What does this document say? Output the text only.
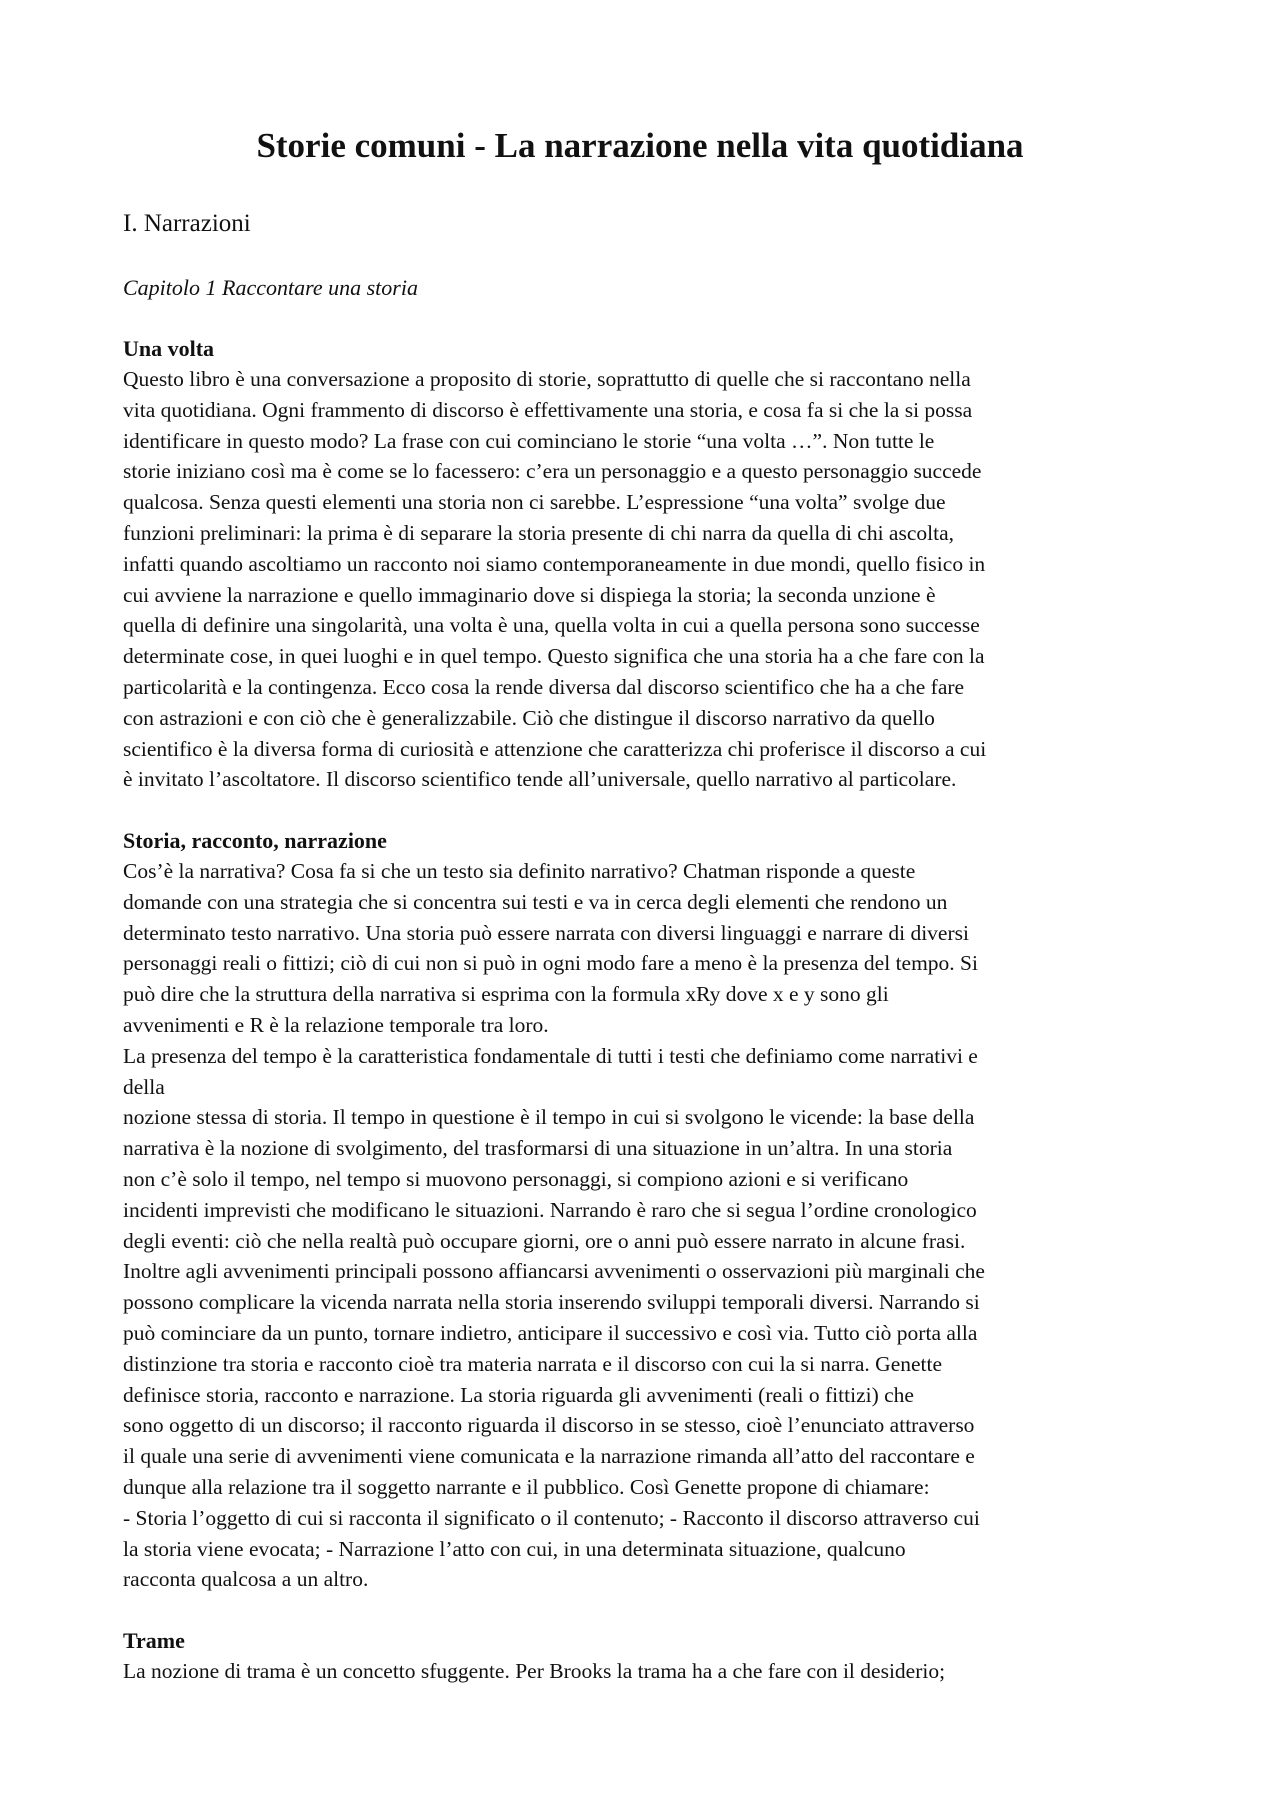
Storie comuni - La narrazione nella vita quotidiana
I. Narrazioni
Capitolo 1 Raccontare una storia
Una volta

Questo libro è una conversazione a proposito di storie, soprattutto di quelle che si raccontano nella
vita quotidiana. Ogni frammento di discorso è effettivamente una storia, e cosa fa si che la si possa
identificare in questo modo? La frase con cui cominciano le storie “una volta …”. Non tutte le
storie iniziano così ma è come se lo facessero: c’era un personaggio e a questo personaggio succede
qualcosa. Senza questi elementi una storia non ci sarebbe. L’espressione “una volta” svolge due
funzioni preliminari: la prima è di separare la storia presente di chi narra da quella di chi ascolta,
infatti quando ascoltiamo un racconto noi siamo contemporaneamente in due mondi, quello fisico in
cui avviene la narrazione e quello immaginario dove si dispiega la storia; la seconda unzione è
quella di definire una singolarità, una volta è una, quella volta in cui a quella persona sono successe
determinate cose, in quei luoghi e in quel tempo. Questo significa che una storia ha a che fare con la
particolarità e la contingenza. Ecco cosa la rende diversa dal discorso scientifico che ha a che fare
con astrazioni e con ciò che è generalizzabile. Ciò che distingue il discorso narrativo da quello
scientifico è la diversa forma di curiosità e attenzione che caratterizza chi proferisce il discorso a cui
è invitato l’ascoltatore. Il discorso scientifico tende all’universale, quello narrativo al particolare.

Storia, racconto, narrazione

Cos’è la narrativa? Cosa fa si che un testo sia definito narrativo? Chatman risponde a queste
domande con una strategia che si concentra sui testi e va in cerca degli elementi che rendono un
determinato testo narrativo. Una storia può essere narrata con diversi linguaggi e narrare di diversi
personaggi reali o fittizi; ciò di cui non si può in ogni modo fare a meno è la presenza del tempo. Si
può dire che la struttura della narrativa si esprima con la formula xRy dove x e y sono gli
avvenimenti e R è la relazione temporale tra loro.
La presenza del tempo è la caratteristica fondamentale di tutti i testi che definiamo come narrativi e
della
nozione stessa di storia. Il tempo in questione è il tempo in cui si svolgono le vicende: la base della
narrativa è la nozione di svolgimento, del trasformarsi di una situazione in un’altra. In una storia
non c’è solo il tempo, nel tempo si muovono personaggi, si compiono azioni e si verificano
incidenti imprevisti che modificano le situazioni. Narrando è raro che si segua l’ordine cronologico
degli eventi: ciò che nella realtà può occupare giorni, ore o anni può essere narrato in alcune frasi.
Inoltre agli avvenimenti principali possono affiancarsi avvenimenti o osservazioni più marginali che
possono complicare la vicenda narrata nella storia inserendo sviluppi temporali diversi. Narrando si
può cominciare da un punto, tornare indietro, anticipare il successivo e così via. Tutto ciò porta alla
distinzione tra storia e racconto cioè tra materia narrata e il discorso con cui la si narra. Genette
definisce storia, racconto e narrazione. La storia riguarda gli avvenimenti (reali o fittizi) che
sono oggetto di un discorso; il racconto riguarda il discorso in se stesso, cioè l’enunciato attraverso
il quale una serie di avvenimenti viene comunicata e la narrazione rimanda all’atto del raccontare e
dunque alla relazione tra il soggetto narrante e il pubblico. Così Genette propone di chiamare:
- Storia l’oggetto di cui si racconta il significato o il contenuto; - Racconto il discorso attraverso cui
la storia viene evocata; - Narrazione l’atto con cui, in una determinata situazione, qualcuno
racconta qualcosa a un altro.

Trame

La nozione di trama è un concetto sfuggente. Per Brooks la trama ha a che fare con il desiderio;
